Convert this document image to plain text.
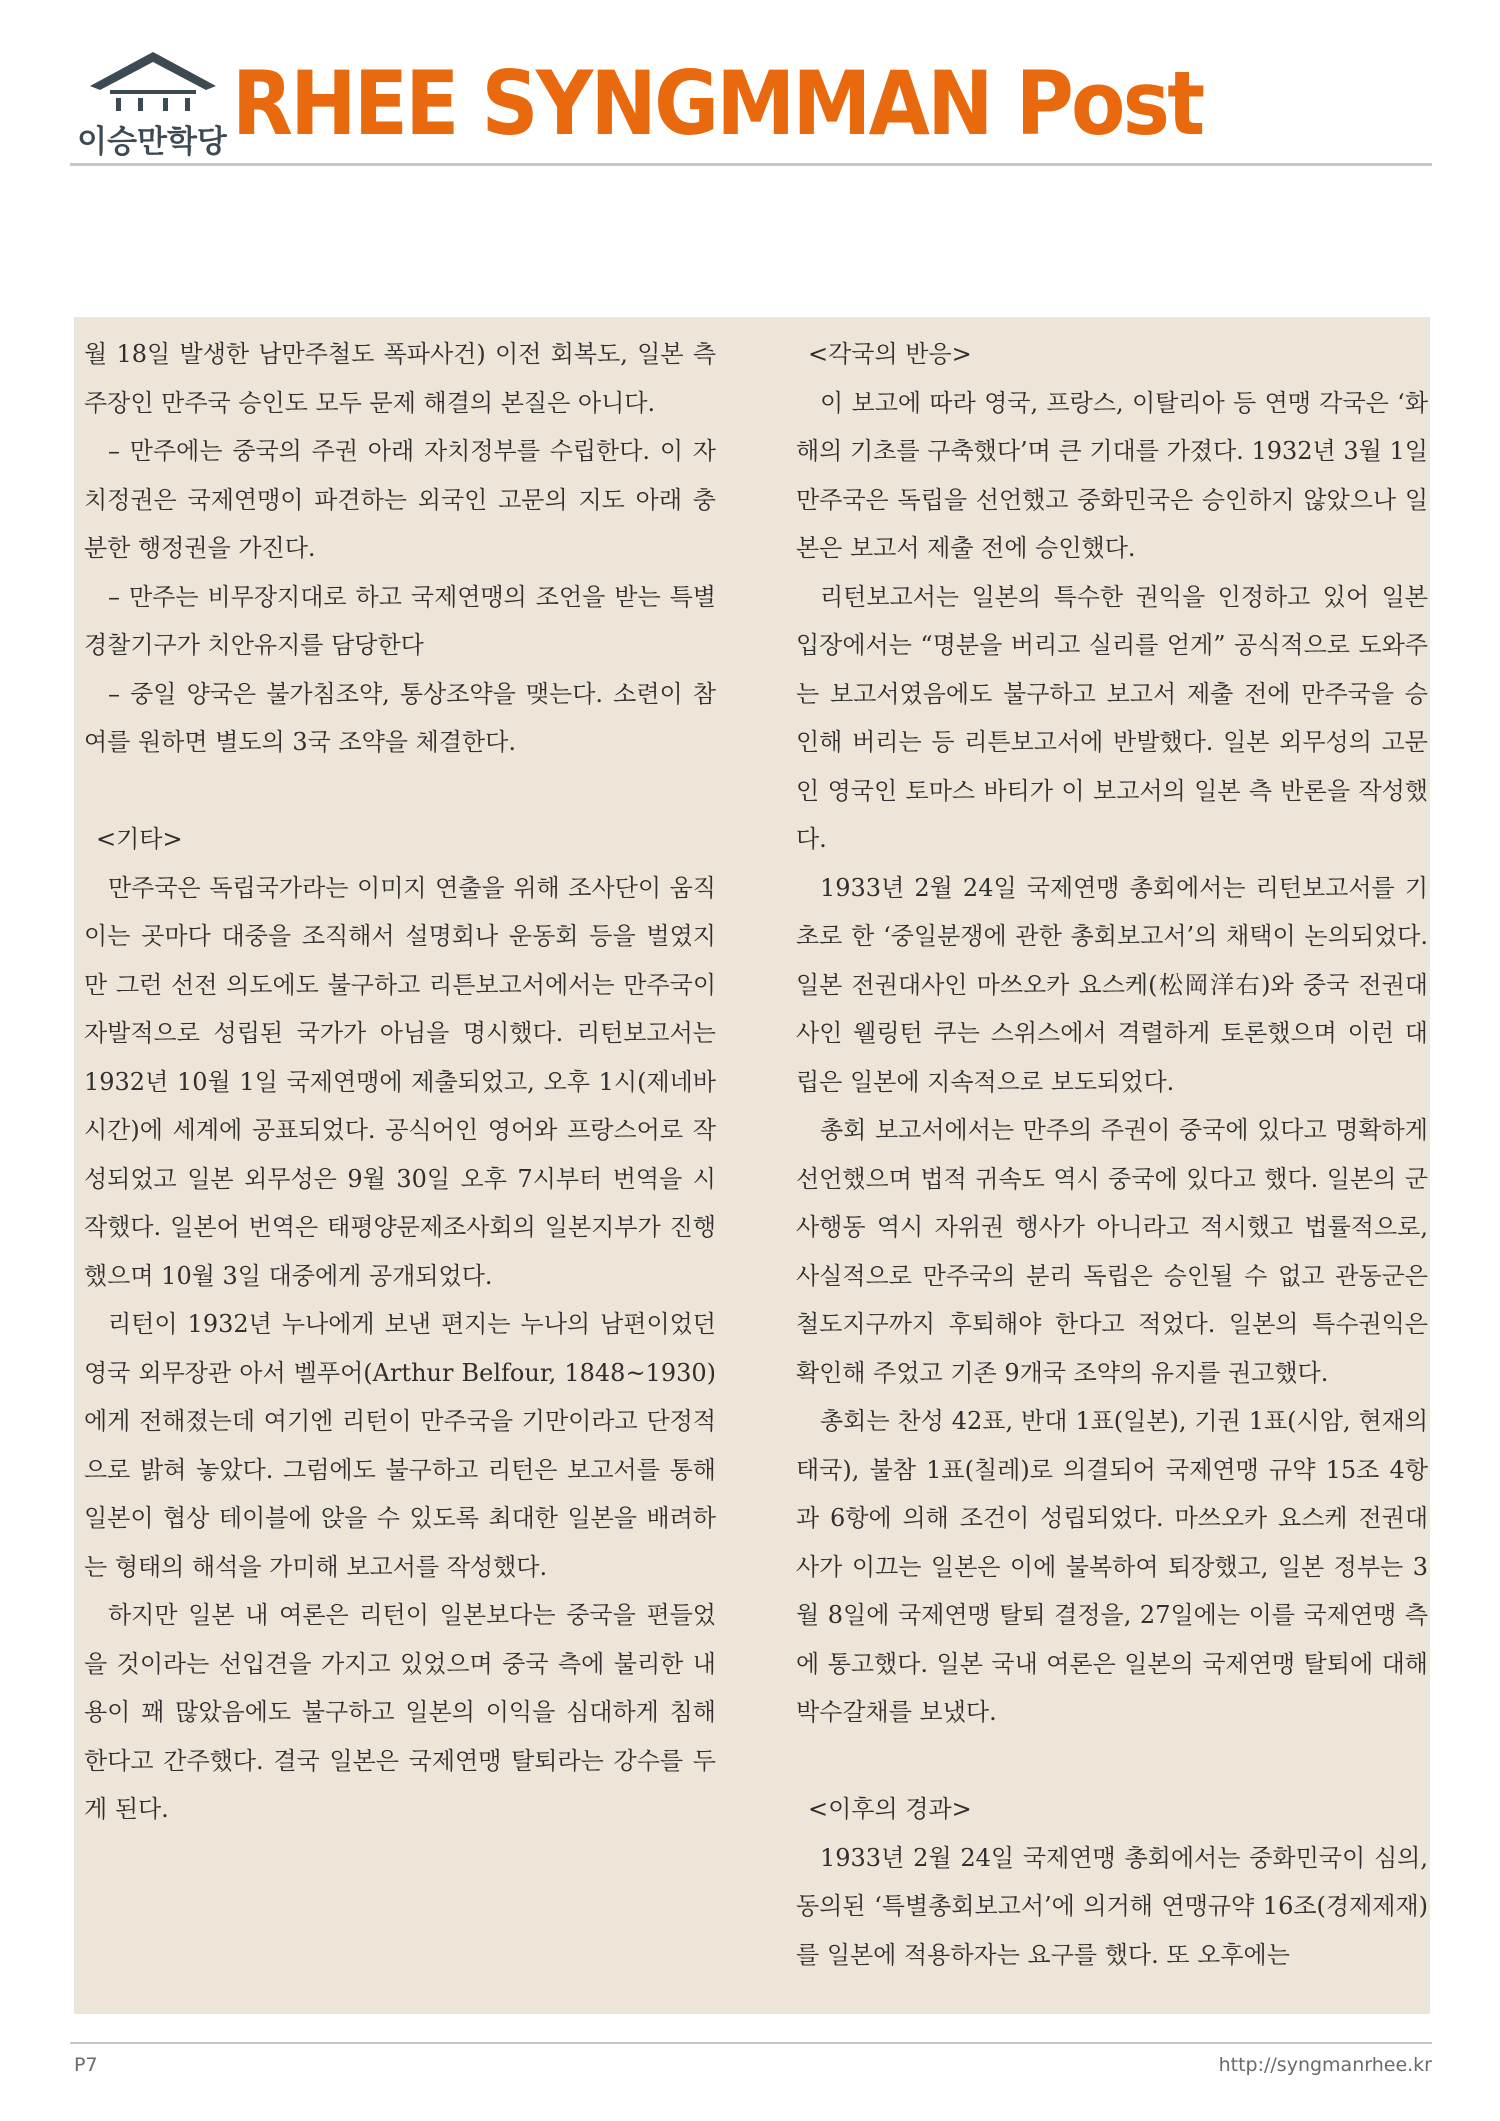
이승만학당 RHEE SYNGMMAN Post

월 18일 발생한 남만주철도 폭파사건) 이전 회복도, 일본 측 주장인 만주국 승인도 모두 문제 해결의 본질은 아니다.

– 만주에는 중국의 주권 아래 자치정부를 수립한다. 이 자치정권은 국제연맹이 파견하는 외국인 고문의 지도 아래 충분한 행정권을 가진다.

– 만주는 비무장지대로 하고 국제연맹의 조언을 받는 특별경찰기구가 치안유지를 담당한다

– 중일 양국은 불가침조약, 통상조약을 맺는다. 소련이 참여를 원하면 별도의 3국 조약을 체결한다.

<기타>

만주국은 독립국가라는 이미지 연출을 위해 조사단이 움직이는 곳마다 대중을 조직해서 설명회나 운동회 등을 벌였지만 그런 선전 의도에도 불구하고 리튼보고서에서는 만주국이 자발적으로 성립된 국가가 아님을 명시했다. 리턴보고서는 1932년 10월 1일 국제연맹에 제출되었고, 오후 1시(제네바 시간)에 세계에 공표되었다. 공식어인 영어와 프랑스어로 작성되었고 일본 외무성은 9월 30일 오후 7시부터 번역을 시작했다. 일본어 번역은 태평양문제조사회의 일본지부가 진행했으며 10월 3일 대중에게 공개되었다.

리턴이 1932년 누나에게 보낸 편지는 누나의 남편이었던 영국 외무장관 아서 벨푸어(Arthur Belfour, 1848~1930)에게 전해졌는데 여기엔 리턴이 만주국을 기만이라고 단정적으로 밝혀 놓았다. 그럼에도 불구하고 리턴은 보고서를 통해 일본이 협상 테이블에 앉을 수 있도록 최대한 일본을 배려하는 형태의 해석을 가미해 보고서를 작성했다.

하지만 일본 내 여론은 리턴이 일본보다는 중국을 편들었을 것이라는 선입견을 가지고 있었으며 중국 측에 불리한 내용이 꽤 많았음에도 불구하고 일본의 이익을 심대하게 침해한다고 간주했다. 결국 일본은 국제연맹 탈퇴라는 강수를 두게 된다.

<각국의 반응>

이 보고에 따라 영국, 프랑스, 이탈리아 등 연맹 각국은 ‘화해의 기초를 구축했다’며 큰 기대를 가졌다. 1932년 3월 1일 만주국은 독립을 선언했고 중화민국은 승인하지 않았으나 일본은 보고서 제출 전에 승인했다.

리턴보고서는 일본의 특수한 권익을 인정하고 있어 일본 입장에서는 “명분을 버리고 실리를 얻게” 공식적으로 도와주는 보고서였음에도 불구하고 보고서 제출 전에 만주국을 승인해 버리는 등 리튼보고서에 반발했다. 일본 외무성의 고문인 영국인 토마스 바티가 이 보고서의 일본 측 반론을 작성했다.

1933년 2월 24일 국제연맹 총회에서는 리턴보고서를 기초로 한 ‘중일분쟁에 관한 총회보고서’의 채택이 논의되었다. 일본 전권대사인 마쓰오카 요스케(松岡洋右)와 중국 전권대사인 웰링턴 쿠는 스위스에서 격렬하게 토론했으며 이런 대립은 일본에 지속적으로 보도되었다.

총회 보고서에서는 만주의 주권이 중국에 있다고 명확하게 선언했으며 법적 귀속도 역시 중국에 있다고 했다. 일본의 군사행동 역시 자위권 행사가 아니라고 적시했고 법률적으로, 사실적으로 만주국의 분리 독립은 승인될 수 없고 관동군은 철도지구까지 후퇴해야 한다고 적었다. 일본의 특수권익은 확인해 주었고 기존 9개국 조약의 유지를 권고했다.

총회는 찬성 42표, 반대 1표(일본), 기권 1표(시암, 현재의 태국), 불참 1표(칠레)로 의결되어 국제연맹 규약 15조 4항과 6항에 의해 조건이 성립되었다. 마쓰오카 요스케 전권대사가 이끄는 일본은 이에 불복하여 퇴장했고, 일본 정부는 3월 8일에 국제연맹 탈퇴 결정을, 27일에는 이를 국제연맹 측에 통고했다. 일본 국내 여론은 일본의 국제연맹 탈퇴에 대해 박수갈채를 보냈다.

<이후의 경과>

1933년 2월 24일 국제연맹 총회에서는 중화민국이 심의, 동의된 ‘특별총회보고서’에 의거해 연맹규약 16조(경제제재)를 일본에 적용하자는 요구를 했다. 또 오후에는

P7	http://syngmanrhee.kr
